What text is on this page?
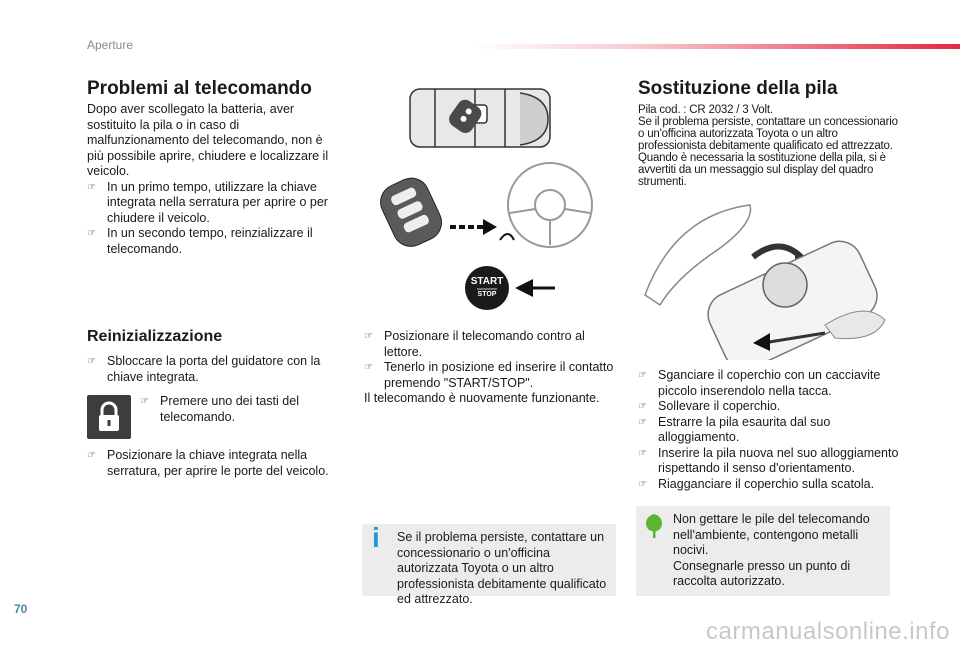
Aperture
Problemi al telecomando

Dopo aver scollegato la batteria, aver sostituito la pila o in caso di malfunzionamento del telecomando, non è più possibile aprire, chiudere e localizzare il veicolo.

☞ In un primo tempo, utilizzare la chiave integrata nella serratura per aprire o per chiudere il veicolo.
☞ In un secondo tempo, reinzializzare il telecomando.
Reinizializzazione
☞ Sbloccare la porta del guidatore con la chiave integrata.
☞ Premere uno dei tasti del telecomando.
☞ Posizionare la chiave integrata nella serratura, per aprire le porte del veicolo.
START
STOP
☞ Posizionare il telecomando contro al lettore.
☞ Tenerlo in posizione ed inserire il contatto premendo "START/STOP".

Il telecomando è nuovamente funzionante.

i Se il problema persiste, contattare un concessionario o un'officina autorizzata Toyota o un altro professionista debitamente qualificato ed attrezzato.
Sostituzione della pila

Pila cod. : CR 2032 / 3 Volt.

Se il problema persiste, contattare un concessionario o un'officina autorizzata Toyota o un altro professionista debitamente qualificato ed attrezzato.

Quando è necessaria la sostituzione della pila, si è avvertiti da un messaggio sul display del quadro strumenti.

☞ Sganciare il coperchio con un cacciavite piccolo inserendolo nella tacca.
☞ Sollevare il coperchio.
☞ Estrarre la pila esaurita dal suo alloggiamento.
☞ Inserire la pila nuova nel suo alloggiamento rispettando il senso d'orientamento.
☞ Riagganciare il coperchio sulla scatola.
Non gettare le pile del telecomando nell'ambiente, contengono metalli nocivi.
Consegnarle presso un punto di raccolta autorizzato.
70
carmanualsonline.info
